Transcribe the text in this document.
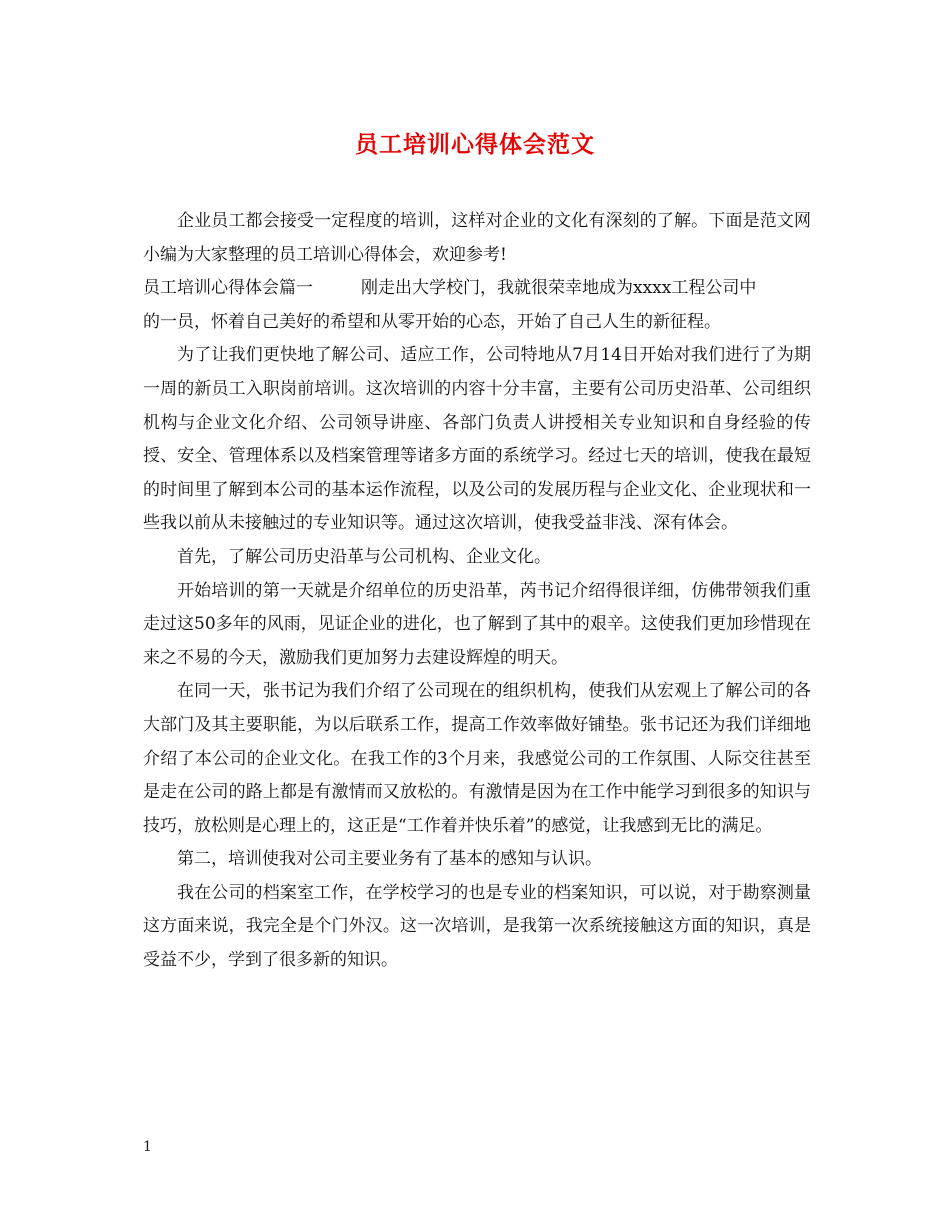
员工培训心得体会范文

企业员工都会接受一定程度的培训，这样对企业的文化有深刻的了解。下面是范文网小编为大家整理的员工培训心得体会，欢迎参考!

员工培训心得体会篇一	刚走出大学校门，我就很荣幸地成为xxxx工程公司中

的一员，怀着自己美好的希望和从零开始的心态，开始了自己人生的新征程。

为了让我们更快地了解公司、适应工作，公司特地从7月14日开始对我们进行了为期一周的新员工入职岗前培训。这次培训的内容十分丰富，主要有公司历史沿革、公司组织机构与企业文化介绍、公司领导讲座、各部门负责人讲授相关专业知识和自身经验的传授、安全、管理体系以及档案管理等诸多方面的系统学习。经过七天的培训，使我在最短的时间里了解到本公司的基本运作流程，以及公司的发展历程与企业文化、企业现状和一些我以前从未接触过的专业知识等。通过这次培训，使我受益非浅、深有体会。

首先，了解公司历史沿革与公司机构、企业文化。

开始培训的第一天就是介绍单位的历史沿革，芮书记介绍得很详细，仿佛带领我们重走过这50多年的风雨，见证企业的进化，也了解到了其中的艰辛。这使我们更加珍惜现在来之不易的今天，激励我们更加努力去建设辉煌的明天。

在同一天，张书记为我们介绍了公司现在的组织机构，使我们从宏观上了解公司的各大部门及其主要职能，为以后联系工作，提高工作效率做好铺垫。张书记还为我们详细地介绍了本公司的企业文化。在我工作的3个月来，我感觉公司的工作氛围、人际交往甚至是走在公司的路上都是有激情而又放松的。有激情是因为在工作中能学习到很多的知识与技巧，放松则是心理上的，这正是“工作着并快乐着”的感觉，让我感到无比的满足。

第二，培训使我对公司主要业务有了基本的感知与认识。

我在公司的档案室工作，在学校学习的也是专业的档案知识，可以说，对于勘察测量这方面来说，我完全是个门外汉。这一次培训，是我第一次系统接触这方面的知识，真是受益不少，学到了很多新的知识。

1
